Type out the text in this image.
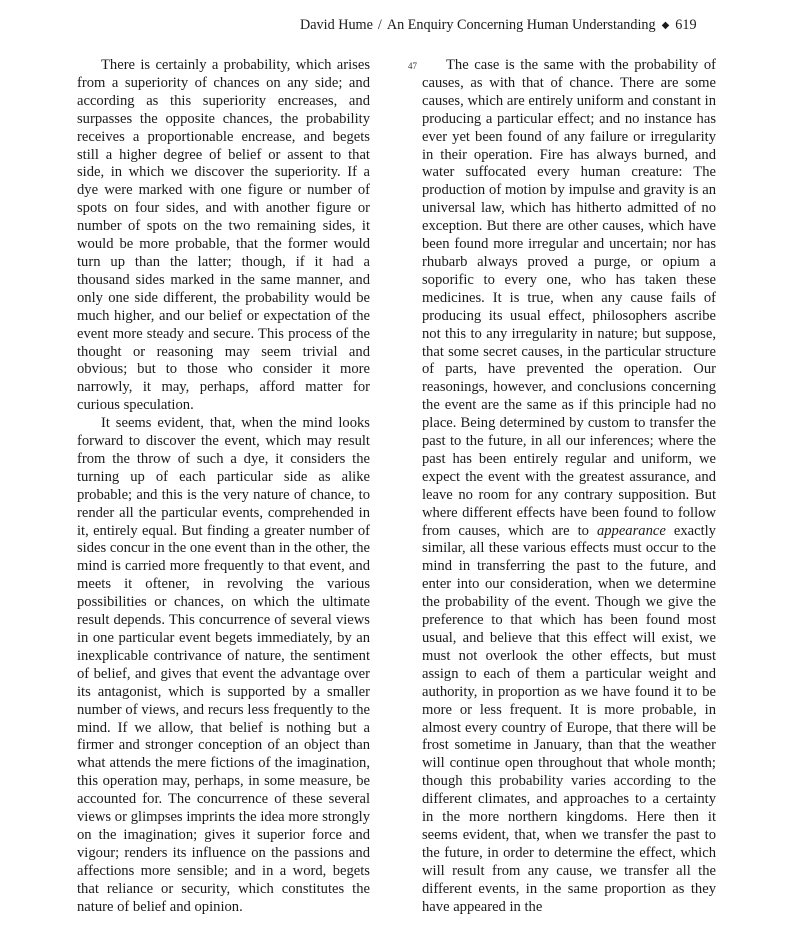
David Hume / An Enquiry Concerning Human Understanding ◆ 619
47

There is certainly a probability, which arises from a superiority of chances on any side; and according as this superiority encreases, and surpasses the opposite chances, the probability receives a proportionable encrease, and begets still a higher degree of belief or assent to that side, in which we discover the superiority. If a dye were marked with one figure or number of spots on four sides, and with another figure or number of spots on the two remaining sides, it would be more probable, that the former would turn up than the latter; though, if it had a thousand sides marked in the same manner, and only one side different, the probability would be much higher, and our belief or expectation of the event more steady and secure. This process of the thought or reasoning may seem trivial and obvious; but to those who consider it more narrowly, it may, perhaps, afford matter for curious speculation.

It seems evident, that, when the mind looks forward to discover the event, which may result from the throw of such a dye, it considers the turning up of each particular side as alike probable; and this is the very nature of chance, to render all the particular events, comprehended in it, entirely equal. But finding a greater number of sides concur in the one event than in the other, the mind is carried more frequently to that event, and meets it oftener, in revolving the various possibilities or chances, on which the ultimate result depends. This concurrence of several views in one particular event begets immediately, by an inexplicable contrivance of nature, the sentiment of belief, and gives that event the advantage over its antagonist, which is supported by a smaller number of views, and recurs less frequently to the mind. If we allow, that belief is nothing but a firmer and stronger conception of an object than what attends the mere fictions of the imagination, this operation may, perhaps, in some measure, be accounted for. The concurrence of these several views or glimpses imprints the idea more strongly on the imagination; gives it superior force and vigour; renders its influence on the passions and affections more sensible; and in a word, begets that reliance or security, which constitutes the nature of belief and opinion.

The case is the same with the probability of causes, as with that of chance. There are some causes, which are entirely uniform and constant in producing a particular effect; and no instance has ever yet been found of any failure or irregularity in their operation. Fire has always burned, and water suffocated every human creature: The production of motion by impulse and gravity is an universal law, which has hitherto admitted of no exception. But there are other causes, which have been found more irregular and uncertain; nor has rhubarb always proved a purge, or opium a soporific to every one, who has taken these medicines. It is true, when any cause fails of producing its usual effect, philosophers ascribe not this to any irregularity in nature; but suppose, that some secret causes, in the particular structure of parts, have prevented the operation. Our reasonings, however, and conclusions concerning the event are the same as if this principle had no place. Being determined by custom to transfer the past to the future, in all our inferences; where the past has been entirely regular and uniform, we expect the event with the greatest assurance, and leave no room for any contrary supposition. But where different effects have been found to follow from causes, which are to appearance exactly similar, all these various effects must occur to the mind in transferring the past to the future, and enter into our consideration, when we determine the probability of the event. Though we give the preference to that which has been found most usual, and believe that this effect will exist, we must not overlook the other effects, but must assign to each of them a particular weight and authority, in proportion as we have found it to be more or less frequent. It is more probable, in almost every country of Europe, that there will be frost sometime in January, than that the weather will continue open throughout that whole month; though this probability varies according to the different climates, and approaches to a certainty in the more northern kingdoms. Here then it seems evident, that, when we transfer the past to the future, in order to determine the effect, which will result from any cause, we transfer all the different events, in the same proportion as they have appeared in the
